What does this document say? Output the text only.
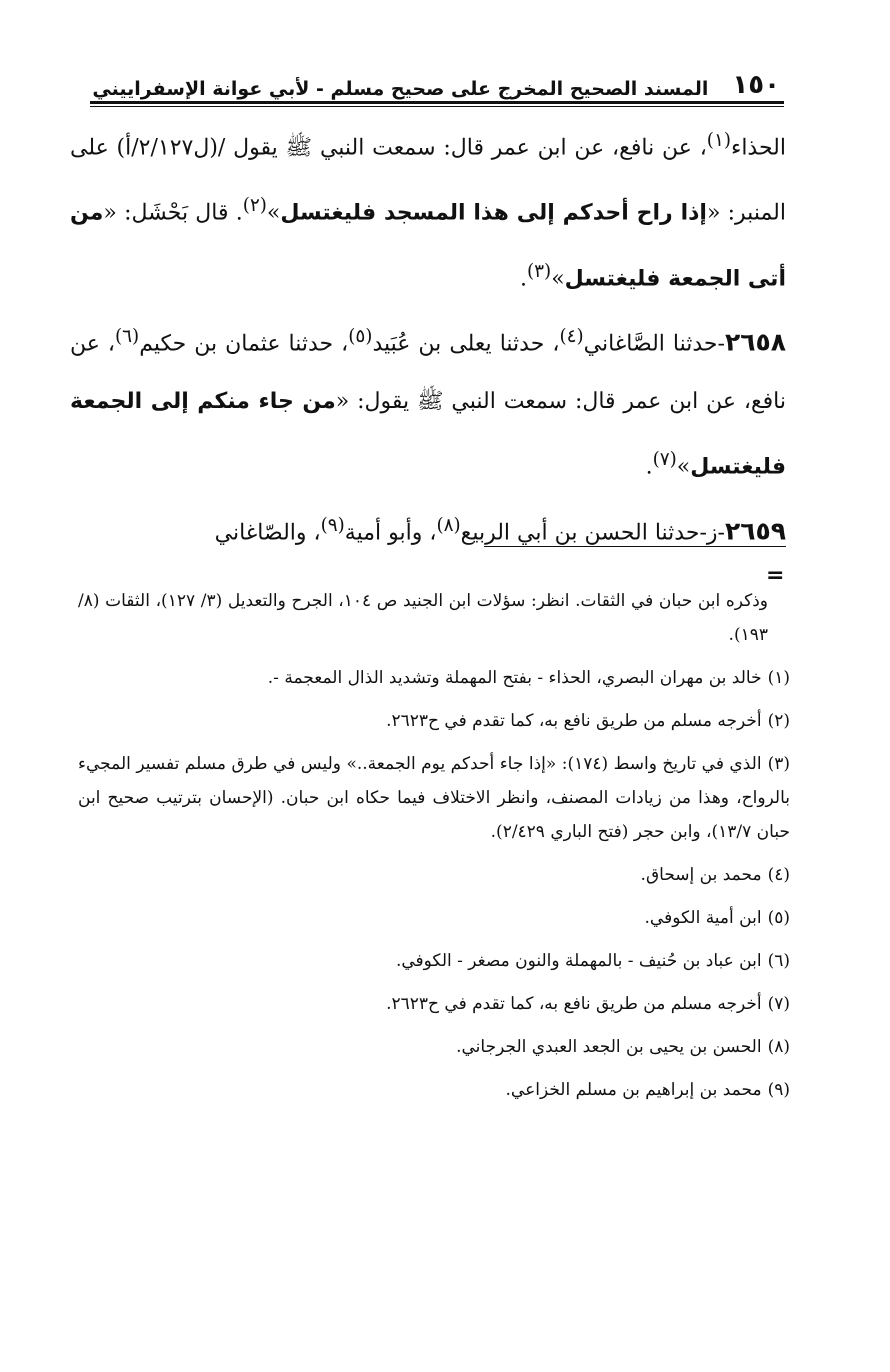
١٥٠
المسند الصحيح المخرج على صحيح مسلم - لأبي عوانة الإسفراييني

الحذاء$^{(١)}$، عن نافع، عن ابن عمر قال: سمعت النبي ﷺ يقول /(ل٢/١٢٧/أ) على المنبر: «إذا راح أحدكم إلى هذا المسجد فليغتسل»$^{(٢)}$. قال بَحْشَل: «من أتى الجمعة فليغتسل»$^{(٣)}$.

٢٦٥٨-حدثنا الصَّاغاني$^{(٤)}$، حدثنا يعلى بن عُبَيد$^{(٥)}$، حدثنا عثمان بن حكيم$^{(٦)}$، عن نافع، عن ابن عمر قال: سمعت النبي ﷺ يقول: «من جاء منكم إلى الجمعة فليغتسل»$^{(٧)}$.

٢٦٥٩-ز-حدثنا الحسن بن أبي الربيع$^{(٨)}$، وأبو أمية$^{(٩)}$، والصّاغاني

=

وذكره ابن حبان في الثقات. انظر: سؤلات ابن الجنيد ص ١٠٤، الجرح والتعديل (٣/ ١٢٧)، الثقات (٨/ ١٩٣).

(١)خالد بن مهران البصري، الحذاء - بفتح المهملة وتشديد الذال المعجمة -.

(٢)أخرجه مسلم من طريق نافع به، كما تقدم في ح٢٦٢٣.

(٣)الذي في تاريخ واسط (١٧٤): «إذا جاء أحدكم يوم الجمعة..» وليس في طرق مسلم تفسير المجيء بالرواح، وهذا من زيادات المصنف، وانظر الاختلاف فيما حكاه ابن حبان. (الإحسان بترتيب صحيح ابن حبان ١٣/٧)، وابن حجر (فتح الباري ٢/٤٢٩).

(٤)محمد بن إسحاق.

(٥)ابن أمية الكوفي.

(٦)ابن عباد بن حُنيف - بالمهملة والنون مصغر - الكوفي.

(٧)أخرجه مسلم من طريق نافع به، كما تقدم في ح٢٦٢٣.

(٨)الحسن بن يحيى بن الجعد العبدي الجرجاني.

(٩)محمد بن إبراهيم بن مسلم الخزاعي.
